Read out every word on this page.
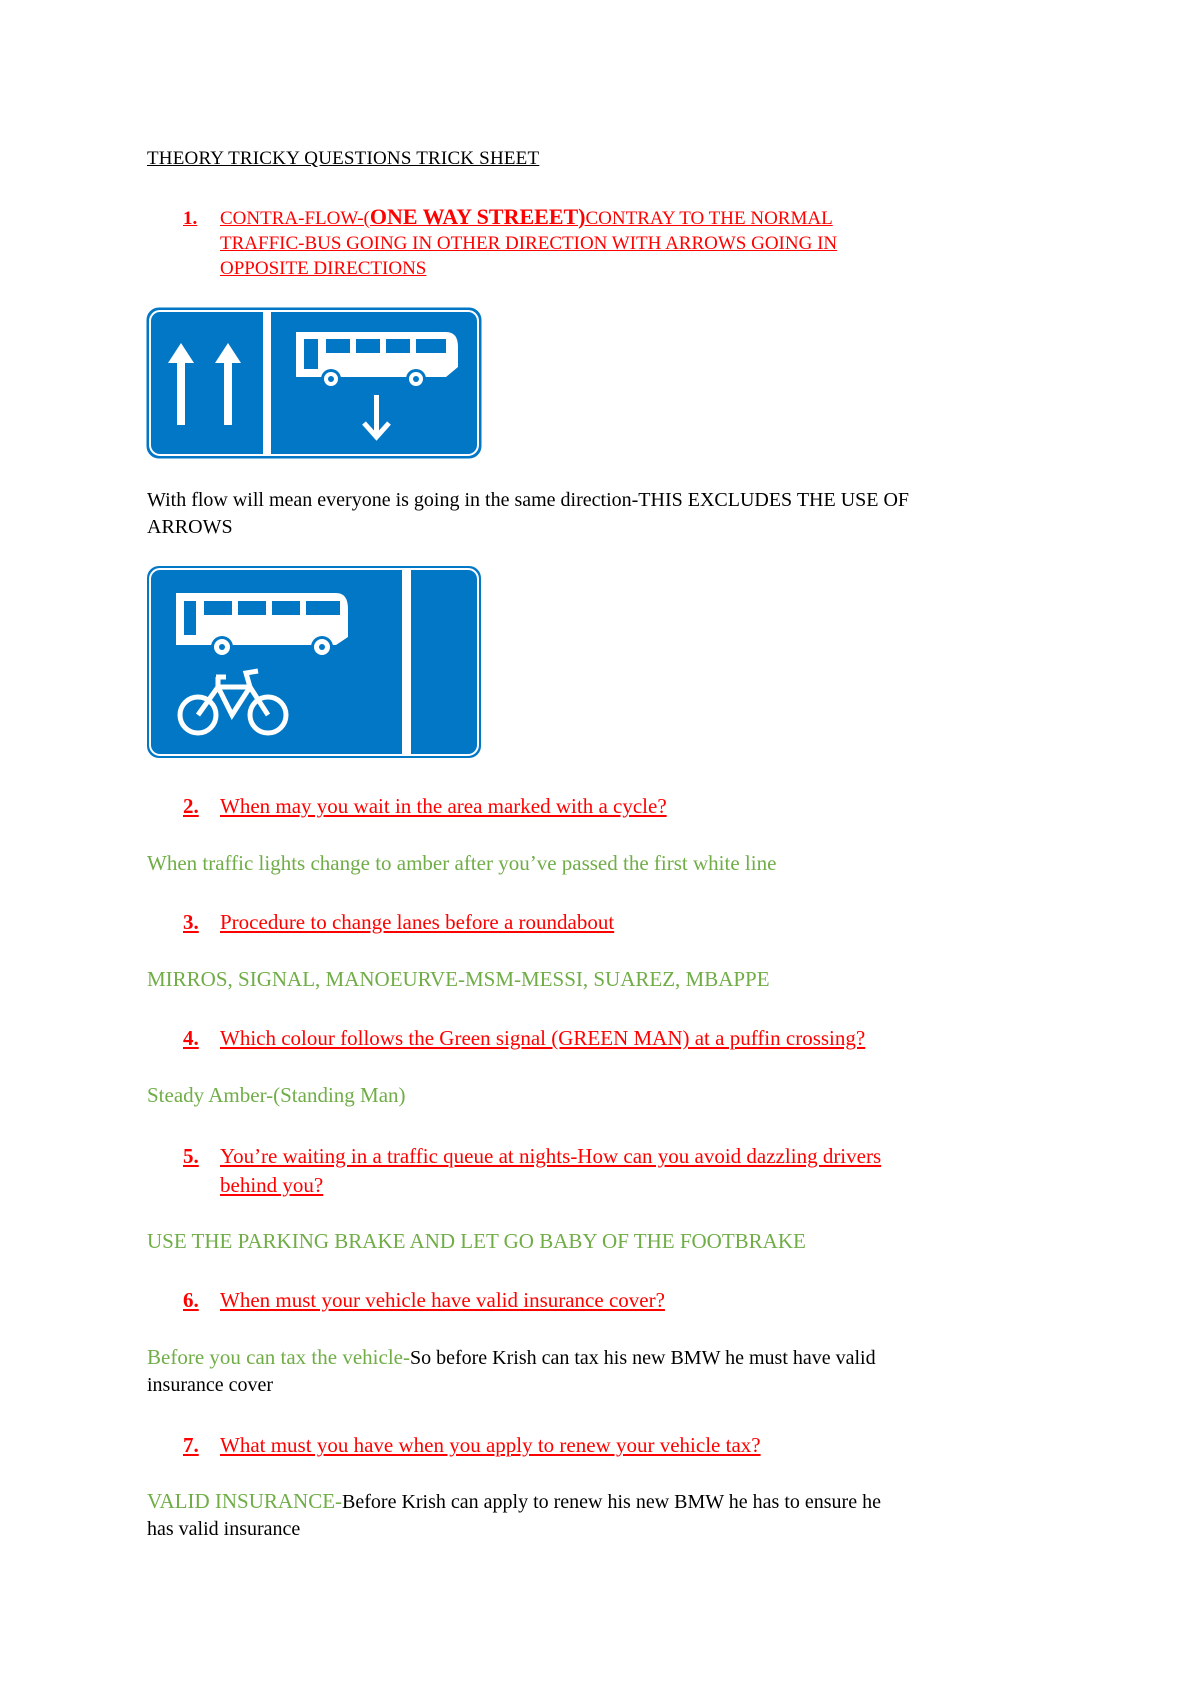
THEORY TRICKY QUESTIONS TRICK SHEET
1. CONTRA-FLOW-(ONE WAY STREEET)CONTRAY TO THE NORMAL
TRAFFIC-BUS GOING IN OTHER DIRECTION WITH ARROWS GOING IN
OPPOSITE DIRECTIONS
With flow will mean everyone is going in the same direction-THIS EXCLUDES THE USE OF
ARROWS
2. When may you wait in the area marked with a cycle?
When traffic lights change to amber after you’ve passed the first white line
3. Procedure to change lanes before a roundabout
MIRROS, SIGNAL, MANOEURVE-MSM-MESSI, SUAREZ, MBAPPE
4. Which colour follows the Green signal (GREEN MAN) at a puffin crossing?
Steady Amber-(Standing Man)
5. You’re waiting in a traffic queue at nights-How can you avoid dazzling drivers
behind you?
USE THE PARKING BRAKE AND LET GO BABY OF THE FOOTBRAKE
6. When must your vehicle have valid insurance cover?
Before you can tax the vehicle-So before Krish can tax his new BMW he must have valid
insurance cover
7. What must you have when you apply to renew your vehicle tax?
VALID INSURANCE-Before Krish can apply to renew his new BMW he has to ensure he
has valid insurance
